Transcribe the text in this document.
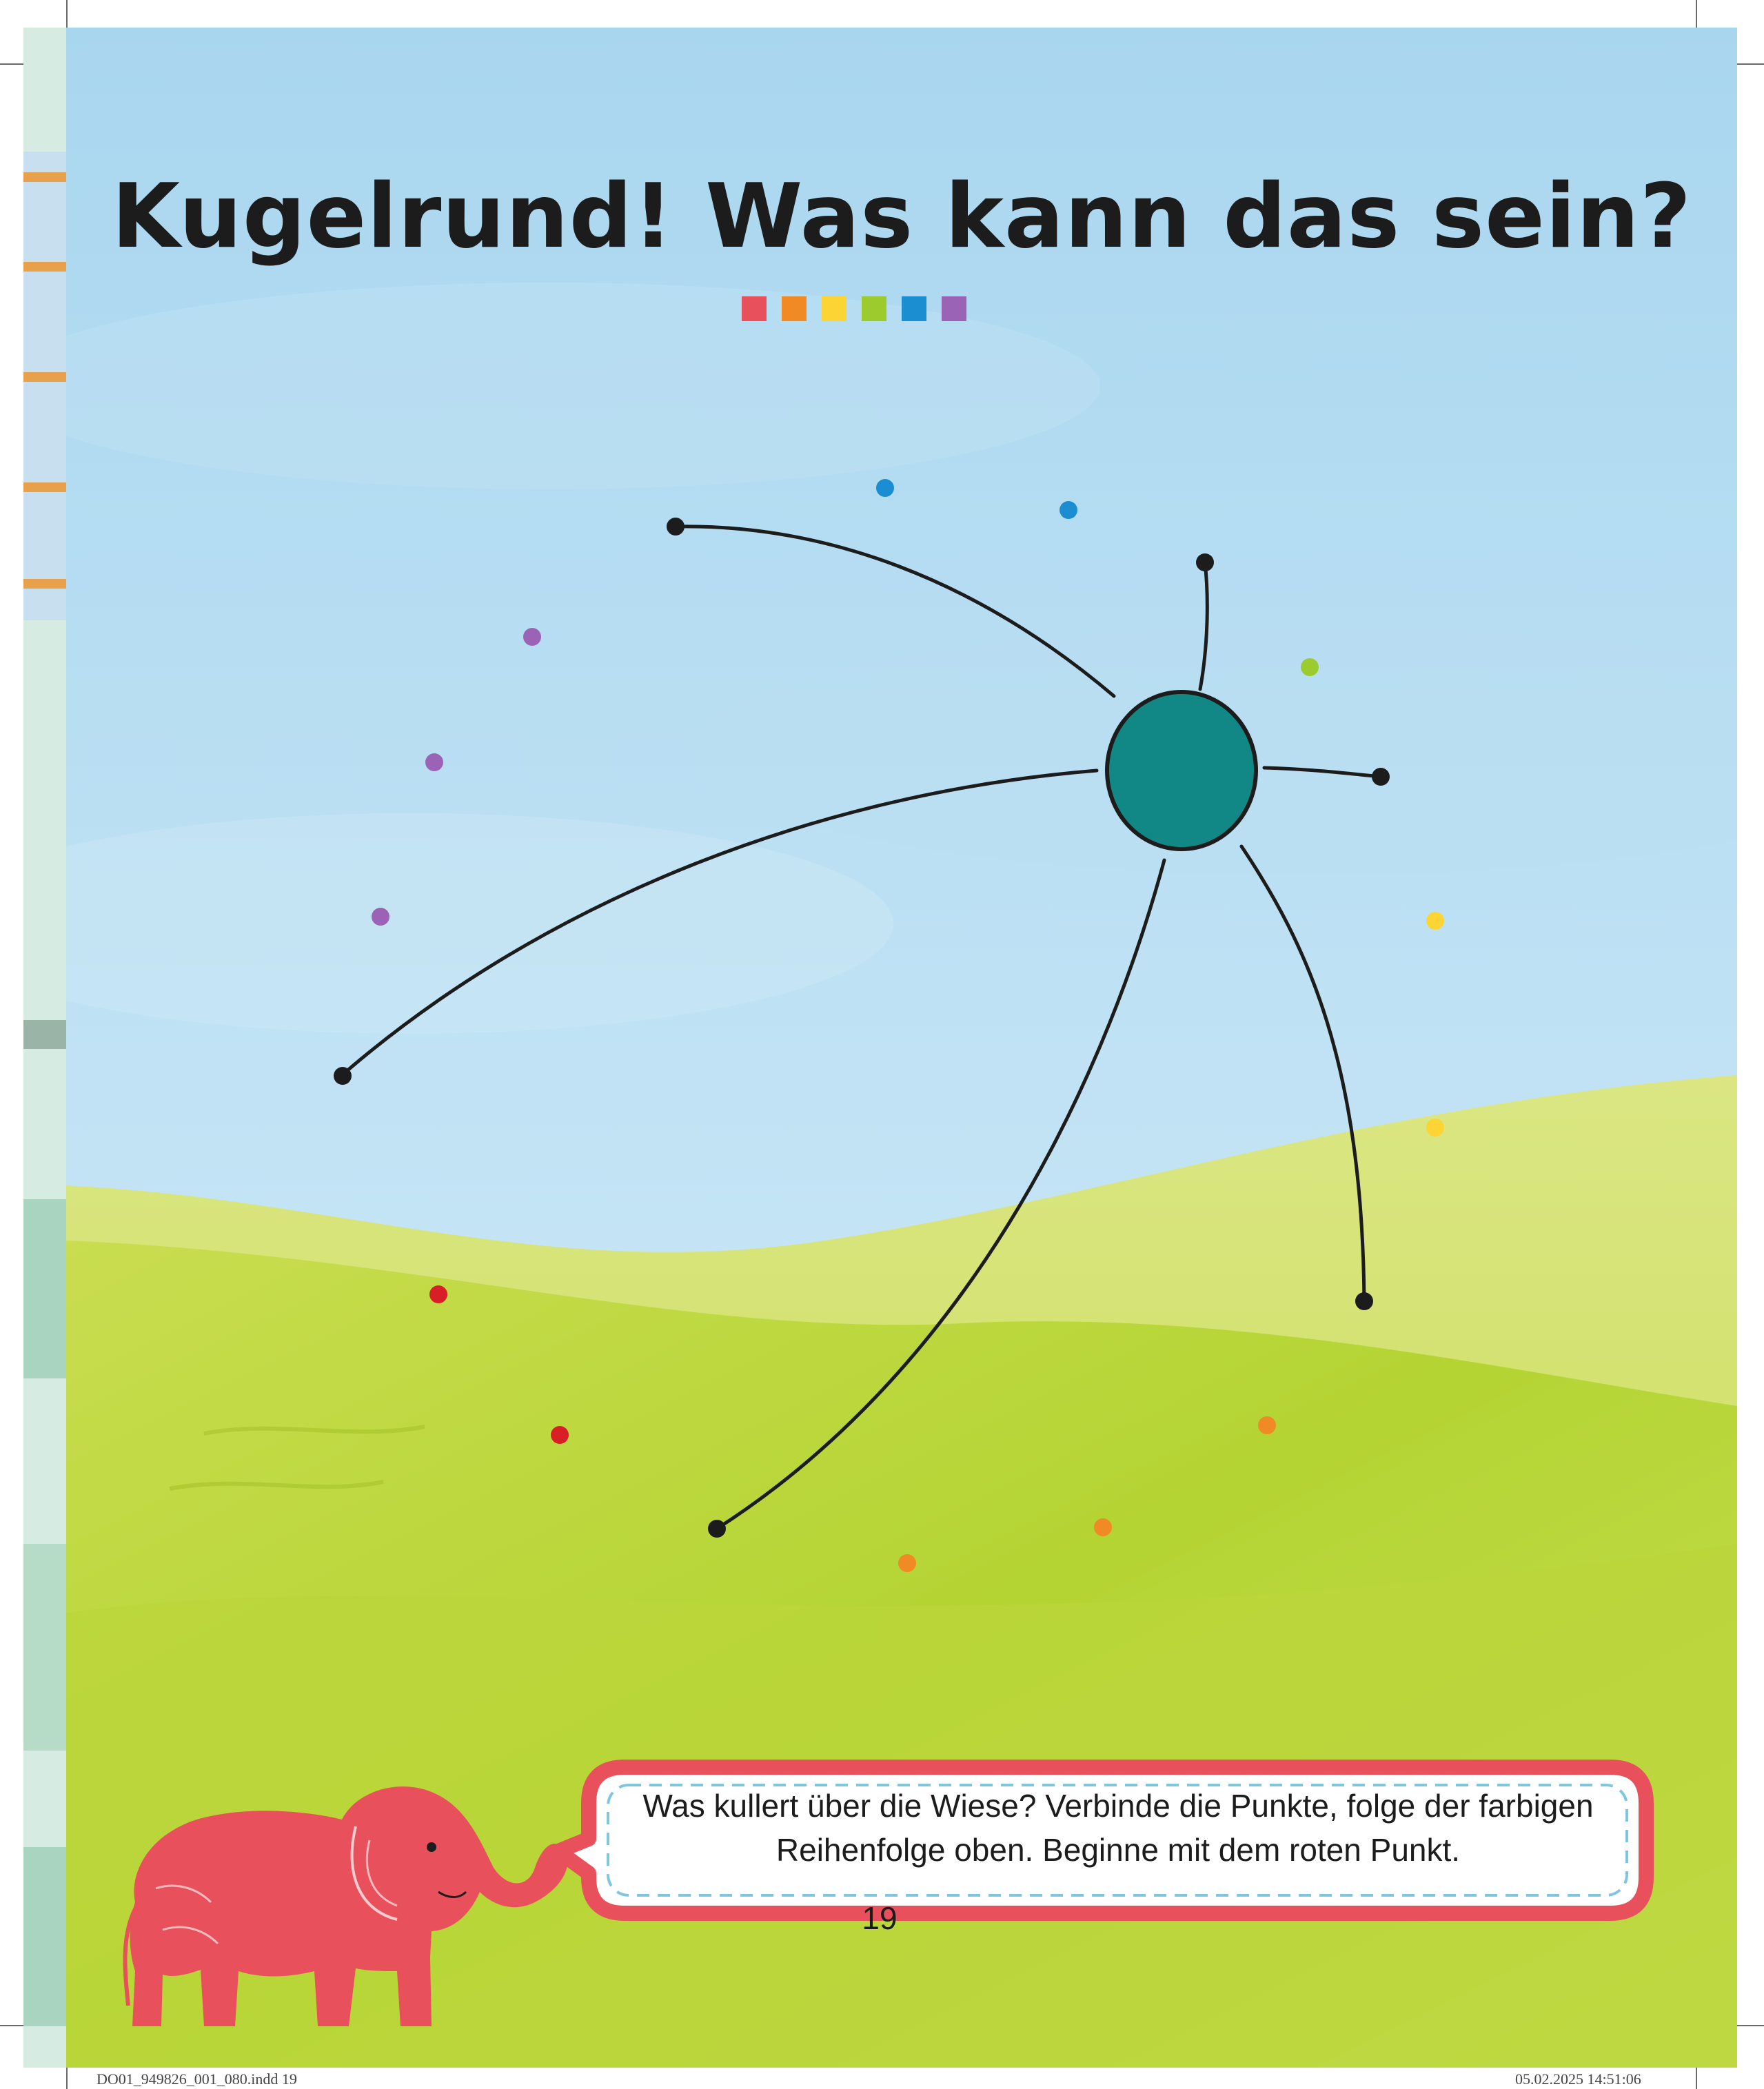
Kugelrund! Was kann das sein?
Was kullert über die Wiese? Verbinde die Punkte, folge der farbigen
Reihenfolge oben. Beginne mit dem roten Punkt.
19
DO01_949826_001_080.indd 19	05.02.2025 14:51:06
